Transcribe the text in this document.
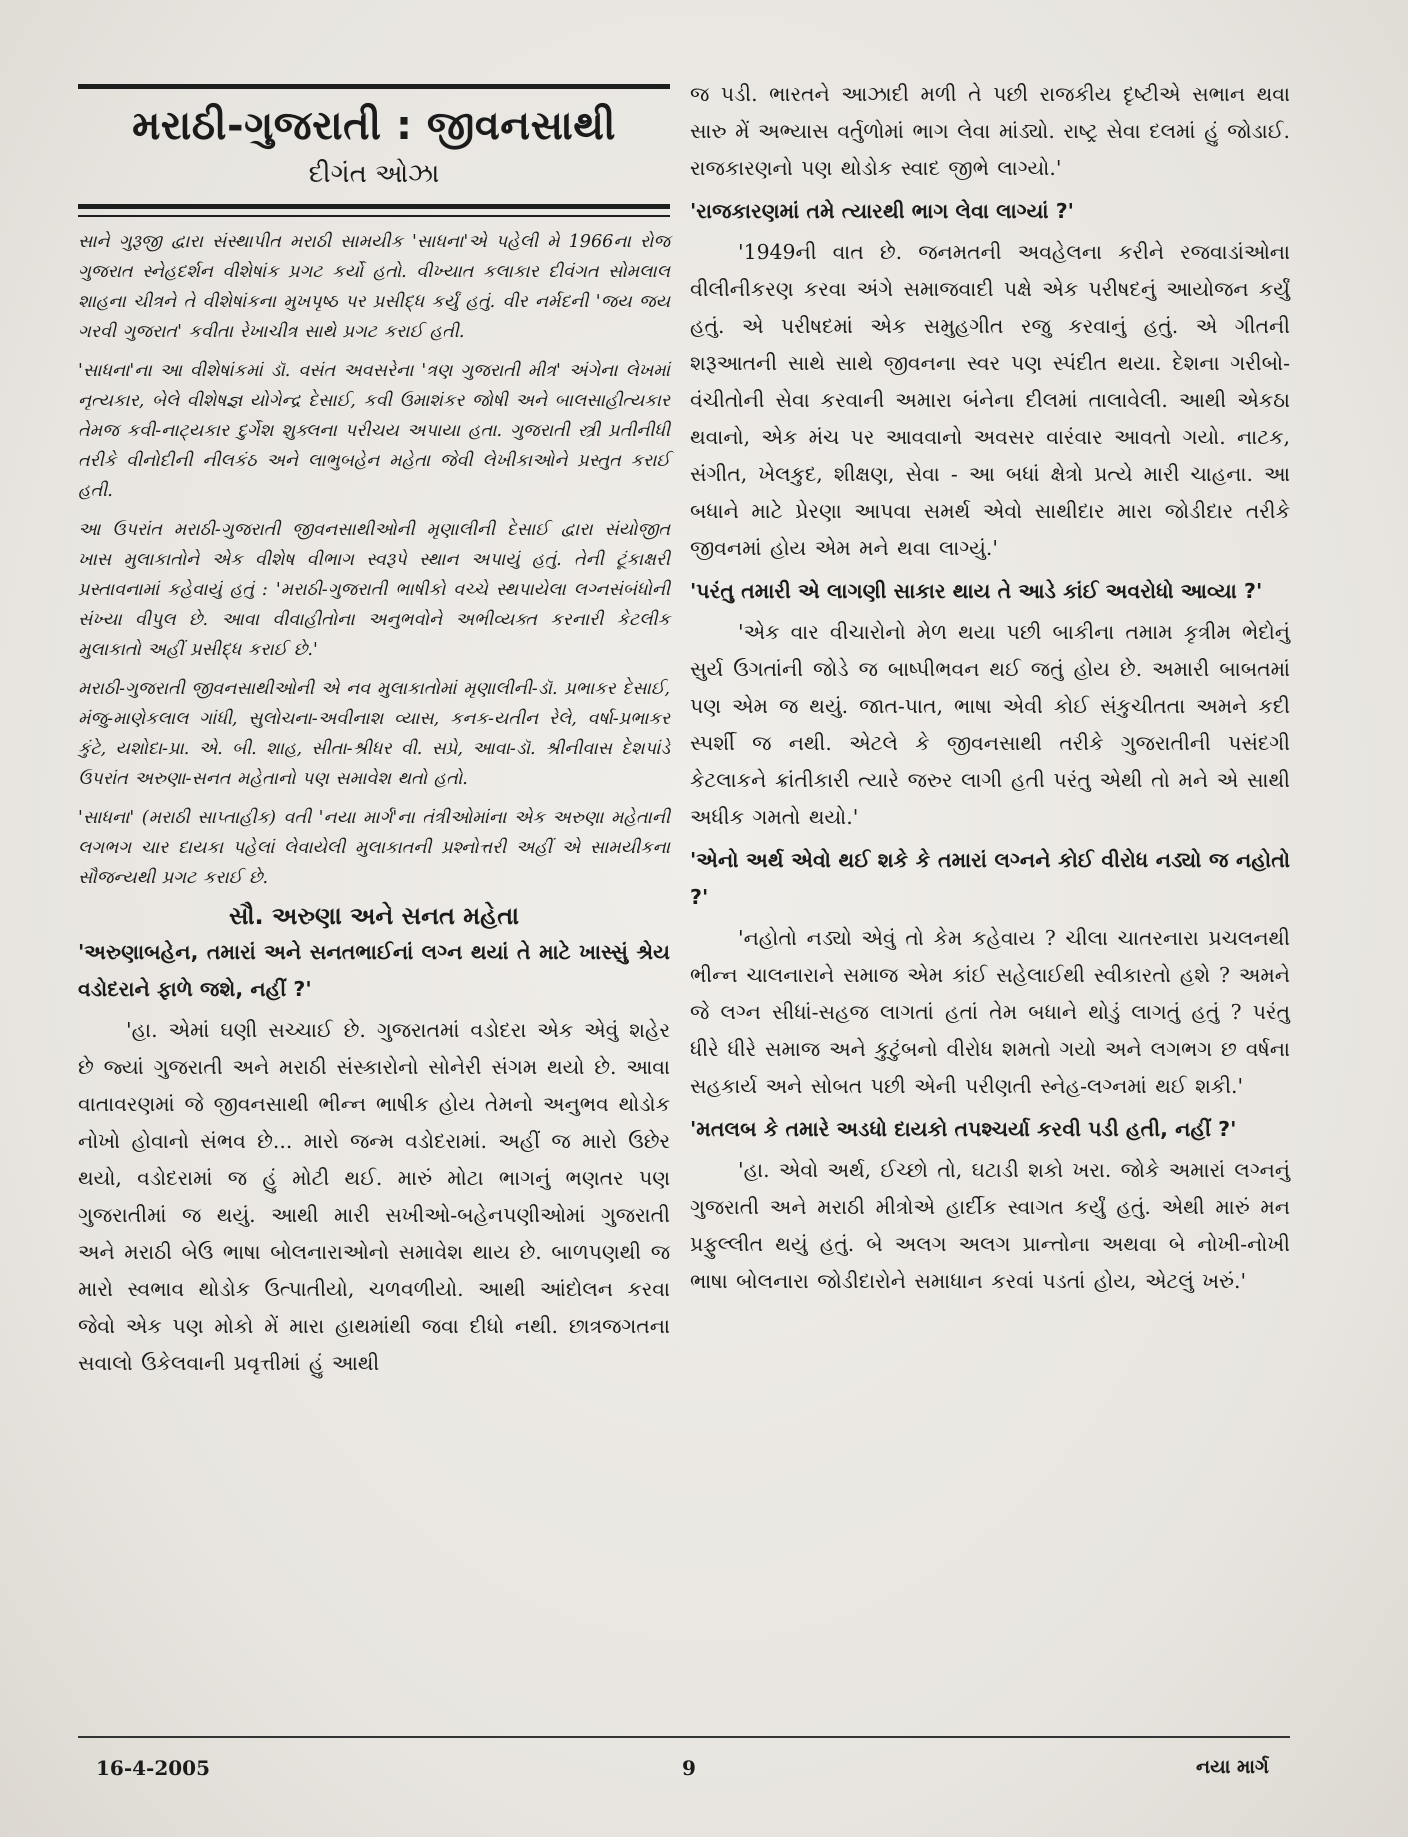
મરાઠી-ગુજરાતી : જીવનસાથી
દીગંત ઓઝા

સાને ગુરૂજી દ્વારા સંસ્થાપીત મરાઠી સામયીક 'સાધના'એ પહેલી મે 1966ના રોજ ગુજરાત સ્નેહદર્શન વીશેષાંક પ્રગટ કર્યો હતો. વીખ્યાત કલાકાર દીવંગત સોમલાલ શાહના ચીત્રને તે વીશેષાંકના મુખપૃષ્ઠ પર પ્રસીદ્ધ કર્યું હતું. વીર નર્મદની 'જય જય ગરવી ગુજરાત' કવીતા રેખાચીત્ર સાથે પ્રગટ કરાઈ હતી.

'સાધના'ના આ વીશેષાંકમાં ડૉ. વસંત અવસરેના 'ત્રણ ગુજરાતી મીત્ર' અંગેના લેખમાં નૃત્યકાર, બેલે વીશેષજ્ઞ યોગેન્દ્ર દેસાઈ, કવી ઉમાશંકર જોષી અને બાલસાહીત્યકાર તેમજ કવી-નાટ્યકાર દુર્ગેશ શુક્લના પરીચય અપાયા હતા. ગુજરાતી સ્ત્રી પ્રતીનીધી તરીકે વીનોદીની નીલકંઠ અને લાભુબહેન મહેતા જેવી લેખીકાઓને પ્રસ્તુત કરાઈ હતી.

આ ઉપરાંત મરાઠી-ગુજરાતી જીવનસાથીઓની મૃણાલીની દેસાઈ દ્વારા સંયોજીત ખાસ મુલાકાતોને એક વીશેષ વીભાગ સ્વરૂપે સ્થાન અપાયું હતું. તેની ટૂંકાક્ષરી પ્રસ્તાવનામાં કહેવાયું હતું : 'મરાઠી-ગુજરાતી ભાષીકો વચ્ચે સ્થપાયેલા લગ્નસંબંધોની સંખ્યા વીપુલ છે. આવા વીવાહીતોના અનુભવોને અભીવ્યક્ત કરનારી કેટલીક મુલાકાતો અહીં પ્રસીદ્ધ કરાઈ છે.'

મરાઠી-ગુજરાતી જીવનસાથીઓની એ નવ મુલાકાતોમાં મૃણાલીની-ડૉ. પ્રભાકર દેસાઈ, મંજુ-માણેકલાલ ગાંધી, સુલોચના-અવીનાશ વ્યાસ, કનક-યતીન રેલે, વર્ષા-પ્રભાકર કુંટે, યશોદા-પ્રા. એ. બી. શાહ, સીતા-શ્રીધર વી. સપ્રે, આવા-ડૉ. શ્રીનીવાસ દેશપાંડે ઉપરાંત અરુણા-સનત મહેતાનો પણ સમાવેશ થતો હતો.

'સાધના' (મરાઠી સાપ્તાહીક) વતી 'નયા માર્ગ'ના તંત્રીઓમાંના એક અરુણા મહેતાની લગભગ ચાર દાયકા પહેલાં લેવાયેલી મુલાકાતની પ્રશ્નોત્તરી અહીં એ સામયીકના સૌજન્યથી પ્રગટ કરાઈ છે.

સૌ. અરુણા અને સનત મહેતા
'અરુણાબહેન, તમારાં અને સનતભાઈનાં લગ્ન થયાં તે માટે ખાસ્સું શ્રેય વડોદરાને ફાળે જશે, નહીં ?'

'હા. એમાં ઘણી સચ્ચાઈ છે. ગુજરાતમાં વડોદરા એક એવું શહેર છે જ્યાં ગુજરાતી અને મરાઠી સંસ્કારોનો સોનેરી સંગમ થયો છે. આવા વાતાવરણમાં જે જીવનસાથી ભીન્ન ભાષીક હોય તેમનો અનુભવ થોડોક નોખો હોવાનો સંભવ છે... મારો જન્મ વડોદરામાં. અહીં જ મારો ઉછેર થયો, વડોદરામાં જ હું મોટી થઈ. મારું મોટા ભાગનું ભણતર પણ ગુજરાતીમાં જ થયું. આથી મારી સખીઓ-બહેનપણીઓમાં ગુજરાતી અને મરાઠી બેઉ ભાષા બોલનારાઓનો સમાવેશ થાય છે. બાળપણથી જ મારો સ્વભાવ થોડોક ઉત્પાતીયો, ચળવળીયો. આથી આંદોલન કરવા જેવો એક પણ મોકો મેં મારા હાથમાંથી જવા દીધો નથી. છાત્રજગતના સવાલો ઉકેલવાની પ્રવૃત્તીમાં હું આથી

જ પડી. ભારતને આઝાદી મળી તે પછી રાજકીય દૃષ્ટીએ સભાન થવા સારુ મેં અભ્યાસ વર્તુળોમાં ભાગ લેવા માંડ્યો. રાષ્ટ્ર સેવા દલમાં હું જોડાઈ. રાજકારણનો પણ થોડોક સ્વાદ જીભે લાગ્યો.'

'રાજકારણમાં તમે ત્યારથી ભાગ લેવા લાગ્યાં ?'

'1949ની વાત છે. જનમતની અવહેલના કરીને રજવાડાંઓના વીલીનીકરણ કરવા અંગે સમાજવાદી પક્ષે એક પરીષદનું આયોજન કર્યું હતું. એ પરીષદમાં એક સમુહગીત રજુ કરવાનું હતું. એ ગીતની શરૂઆતની સાથે સાથે જીવનના સ્વર પણ સ્પંદીત થયા. દેશના ગરીબો-વંચીતોની સેવા કરવાની અમારા બંનેના દીલમાં તાલાવેલી. આથી એકઠા થવાનો, એક મંચ પર આવવાનો અવસર વારંવાર આવતો ગયો. નાટક, સંગીત, ખેલકુદ, શીક્ષણ, સેવા - આ બધાં ક્ષેત્રો પ્રત્યે મારી ચાહના. આ બધાને માટે પ્રેરણા આપવા સમર્થ એવો સાથીદાર મારા જોડીદાર તરીકે જીવનમાં હોય એમ મને થવા લાગ્યું.'

'પરંતુ તમારી એ લાગણી સાકાર થાય તે આડે કાંઈ અવરોધો આવ્યા ?'

'એક વાર વીચારોનો મેળ થયા પછી બાકીના તમામ કૃત્રીમ ભેદોનું સુર્ય ઉગતાંની જોડે જ બાષ્પીભવન થઈ જતું હોય છે. અમારી બાબતમાં પણ એમ જ થયું. જાત-પાત, ભાષા એવી કોઈ સંકુચીતતા અમને કદી સ્પર્શી જ નથી. એટલે કે જીવનસાથી તરીકે ગુજરાતીની પસંદગી કેટલાકને ક્રાંતીકારી ત્યારે જરુર લાગી હતી પરંતુ એથી તો મને એ સાથી અધીક ગમતો થયો.'

'એનો અર્થ એવો થઈ શકે કે તમારાં લગ્નને કોઈ વીરોધ નડ્યો જ નહોતો ?'

'નહોતો નડ્યો એવું તો કેમ કહેવાય ? ચીલા ચાતરનારા પ્રચલનથી ભીન્ન ચાલનારાને સમાજ એમ કાંઈ સહેલાઈથી સ્વીકારતો હશે ? અમને જે લગ્ન સીધાં-સહજ લાગતાં હતાં તેમ બધાને થોડું લાગતું હતું ? પરંતુ ધીરે ધીરે સમાજ અને કુટુંબનો વીરોધ શમતો ગયો અને લગભગ છ વર્ષના સહકાર્ય અને સોબત પછી એની પરીણતી સ્નેહ-લગ્નમાં થઈ શકી.'

'મતલબ કે તમારે અડધો દાયકો તપશ્ચર્યા કરવી પડી હતી, નહીં ?'

'હા. એવો અર્થ, ઈચ્છો તો, ઘટાડી શકો ખરા. જોકે અમારાં લગ્નનું ગુજરાતી અને મરાઠી મીત્રોએ હાર્દીક સ્વાગત કર્યું હતું. એથી મારું મન પ્રફુલ્લીત થયું હતું. બે અલગ અલગ પ્રાન્તોના અથવા બે નોખી-નોખી ભાષા બોલનારા જોડીદારોને સમાધાન કરવાં પડતાં હોય, એટલું ખરું.'

16-4-2005	9	નયા માર્ગ
